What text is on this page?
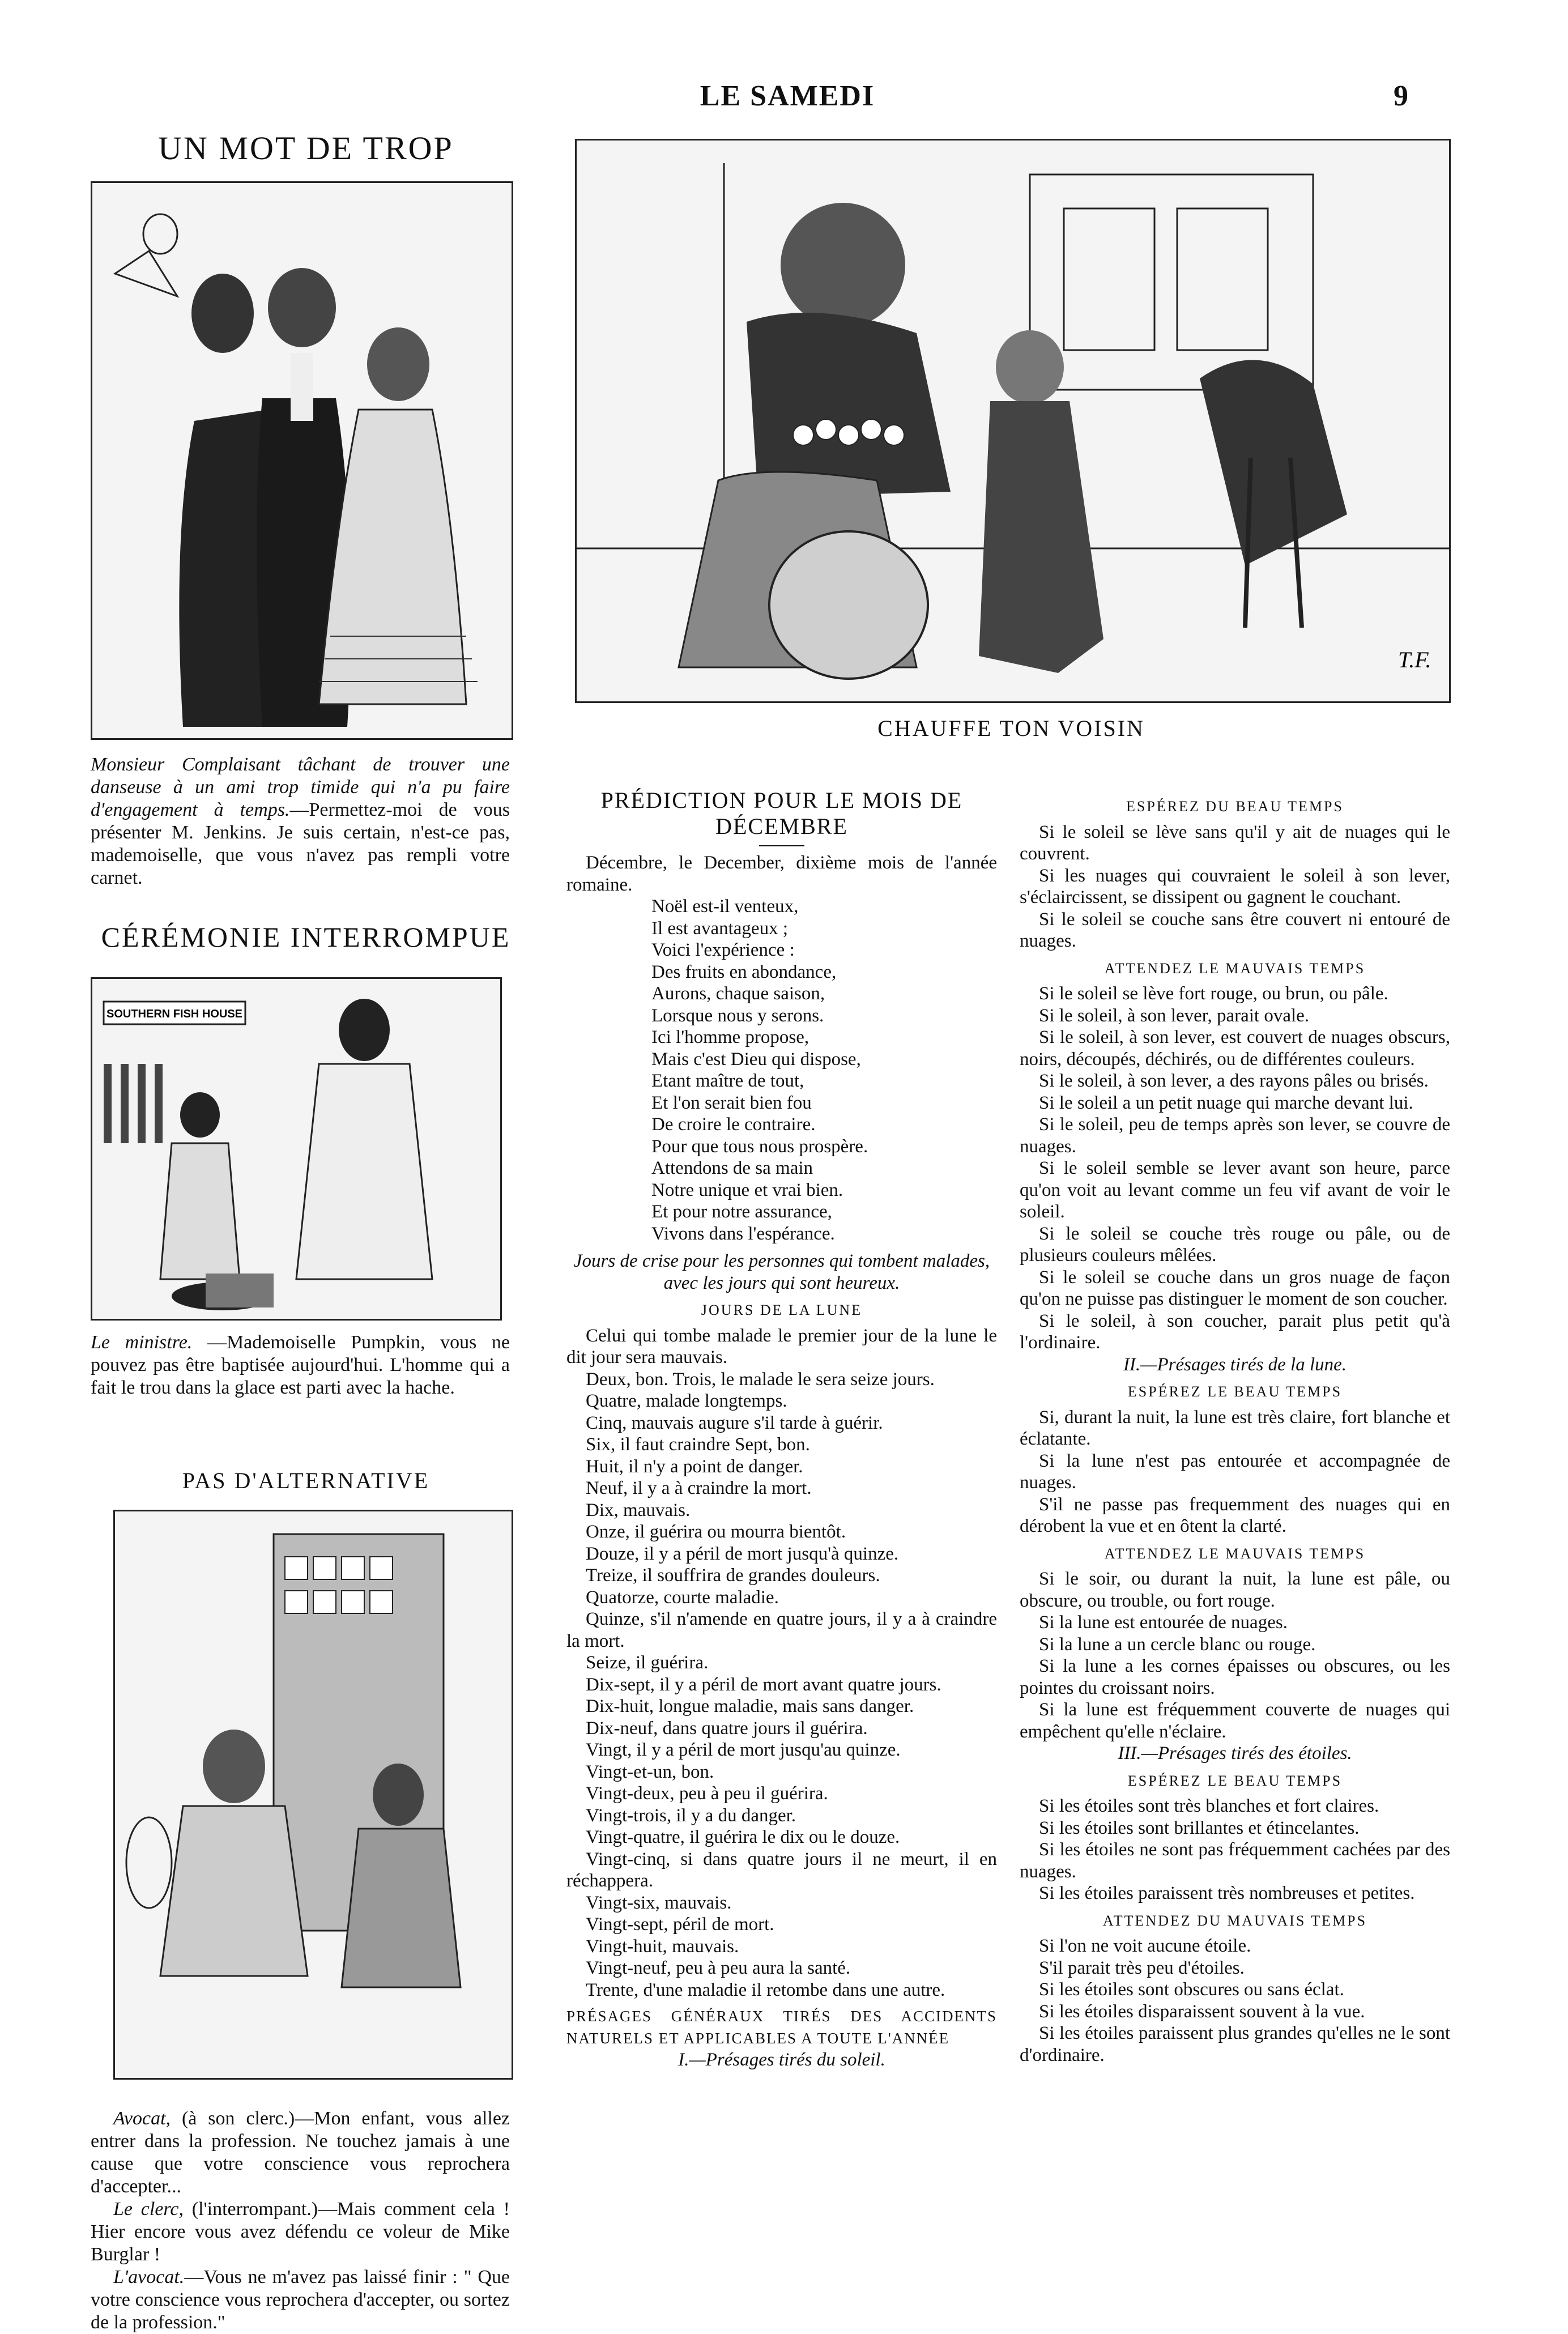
LE SAMEDI	9
UN MOT DE TROP
Monsieur Complaisant tâchant de trouver une danseuse à un ami trop timide qui n'a pu faire d'engagement à temps.—Permettez-moi de vous présenter M. Jenkins. Je suis certain, n'est-ce pas, mademoiselle, que vous n'avez pas rempli votre carnet.
CÉRÉMONIE INTERROMPUE
SOUTHERN FISH HOUSE
Le ministre. —Mademoiselle Pumpkin, vous ne pouvez pas être baptisée aujourd'hui. L'homme qui a fait le trou dans la glace est parti avec la hache.
PAS D'ALTERNATIVE
Avocat, (à son clerc.)—Mon enfant, vous allez entrer dans la profession. Ne touchez jamais à une cause que votre conscience vous reprochera d'accepter...
Le clerc, (l'interrompant.)—Mais comment cela ! Hier encore vous avez défendu ce voleur de Mike Burglar !
L'avocat.—Vous ne m'avez pas laissé finir : " Que votre conscience vous reprochera d'accepter, ou sortez de la profession."
T.F.
CHAUFFE TON VOISIN
PRÉDICTION POUR LE MOIS DE
DÉCEMBRE

Décembre, le December, dixième mois de l'année romaine.

Noël est-il venteux,

Il est avantageux ;

Voici l'expérience :

Des fruits en abondance,

Aurons, chaque saison,

Lorsque nous y serons.

Ici l'homme propose,

Mais c'est Dieu qui dispose,

Etant maître de tout,

Et l'on serait bien fou

De croire le contraire.

Pour que tous nous prospère.

Attendons de sa main

Notre unique et vrai bien.

Et pour notre assurance,

Vivons dans l'espérance.

Jours de crise pour les personnes qui tombent malades, avec les jours qui sont heureux.

JOURS DE LA LUNE

Celui qui tombe malade le premier jour de la lune le dit jour sera mauvais.

Deux, bon. Trois, le malade le sera seize jours.

Quatre, malade longtemps.

Cinq, mauvais augure s'il tarde à guérir.

Six, il faut craindre Sept, bon.

Huit, il n'y a point de danger.

Neuf, il y a à craindre la mort.

Dix, mauvais.

Onze, il guérira ou mourra bientôt.

Douze, il y a péril de mort jusqu'à quinze.

Treize, il souffrira de grandes douleurs.

Quatorze, courte maladie.

Quinze, s'il n'amende en quatre jours, il y a à craindre la mort.

Seize, il guérira.

Dix-sept, il y a péril de mort avant quatre jours.

Dix-huit, longue maladie, mais sans danger.

Dix-neuf, dans quatre jours il guérira.

Vingt, il y a péril de mort jusqu'au quinze.

Vingt-et-un, bon.

Vingt-deux, peu à peu il guérira.

Vingt-trois, il y a du danger.

Vingt-quatre, il guérira le dix ou le douze.

Vingt-cinq, si dans quatre jours il ne meurt, il en réchappera.

Vingt-six, mauvais.

Vingt-sept, péril de mort.

Vingt-huit, mauvais.

Vingt-neuf, peu à peu aura la santé.

Trente, d'une maladie il retombe dans une autre.

PRÉSAGES GÉNÉRAUX TIRÉS DES ACCIDENTS NATURELS ET APPLICABLES A TOUTE L'ANNÉE

I.—Présages tirés du soleil.

ESPÉREZ DU BEAU TEMPS

Si le soleil se lève sans qu'il y ait de nuages qui le couvrent.

Si les nuages qui couvraient le soleil à son lever, s'éclaircissent, se dissipent ou gagnent le couchant.

Si le soleil se couche sans être couvert ni entouré de nuages.

ATTENDEZ LE MAUVAIS TEMPS

Si le soleil se lève fort rouge, ou brun, ou pâle.

Si le soleil, à son lever, parait ovale.

Si le soleil, à son lever, est couvert de nuages obscurs, noirs, découpés, déchirés, ou de différentes couleurs.

Si le soleil, à son lever, a des rayons pâles ou brisés.

Si le soleil a un petit nuage qui marche devant lui.

Si le soleil, peu de temps après son lever, se couvre de nuages.

Si le soleil semble se lever avant son heure, parce qu'on voit au levant comme un feu vif avant de voir le soleil.

Si le soleil se couche très rouge ou pâle, ou de plusieurs couleurs mêlées.

Si le soleil se couche dans un gros nuage de façon qu'on ne puisse pas distinguer le moment de son coucher.

Si le soleil, à son coucher, parait plus petit qu'à l'ordinaire.

II.—Présages tirés de la lune.

ESPÉREZ LE BEAU TEMPS

Si, durant la nuit, la lune est très claire, fort blanche et éclatante.

Si la lune n'est pas entourée et accompagnée de nuages.

S'il ne passe pas frequemment des nuages qui en dérobent la vue et en ôtent la clarté.

ATTENDEZ LE MAUVAIS TEMPS

Si le soir, ou durant la nuit, la lune est pâle, ou obscure, ou trouble, ou fort rouge.

Si la lune est entourée de nuages.

Si la lune a un cercle blanc ou rouge.

Si la lune a les cornes épaisses ou obscures, ou les pointes du croissant noirs.

Si la lune est fréquemment couverte de nuages qui empêchent qu'elle n'éclaire.

III.—Présages tirés des étoiles.

ESPÉREZ LE BEAU TEMPS

Si les étoiles sont très blanches et fort claires.

Si les étoiles sont brillantes et étincelantes.

Si les étoiles ne sont pas fréquemment cachées par des nuages.

Si les étoiles paraissent très nombreuses et petites.

ATTENDEZ DU MAUVAIS TEMPS

Si l'on ne voit aucune étoile.

S'il parait très peu d'étoiles.

Si les étoiles sont obscures ou sans éclat.

Si les étoiles disparaissent souvent à la vue.

Si les étoiles paraissent plus grandes qu'elles ne le sont d'ordinaire.
